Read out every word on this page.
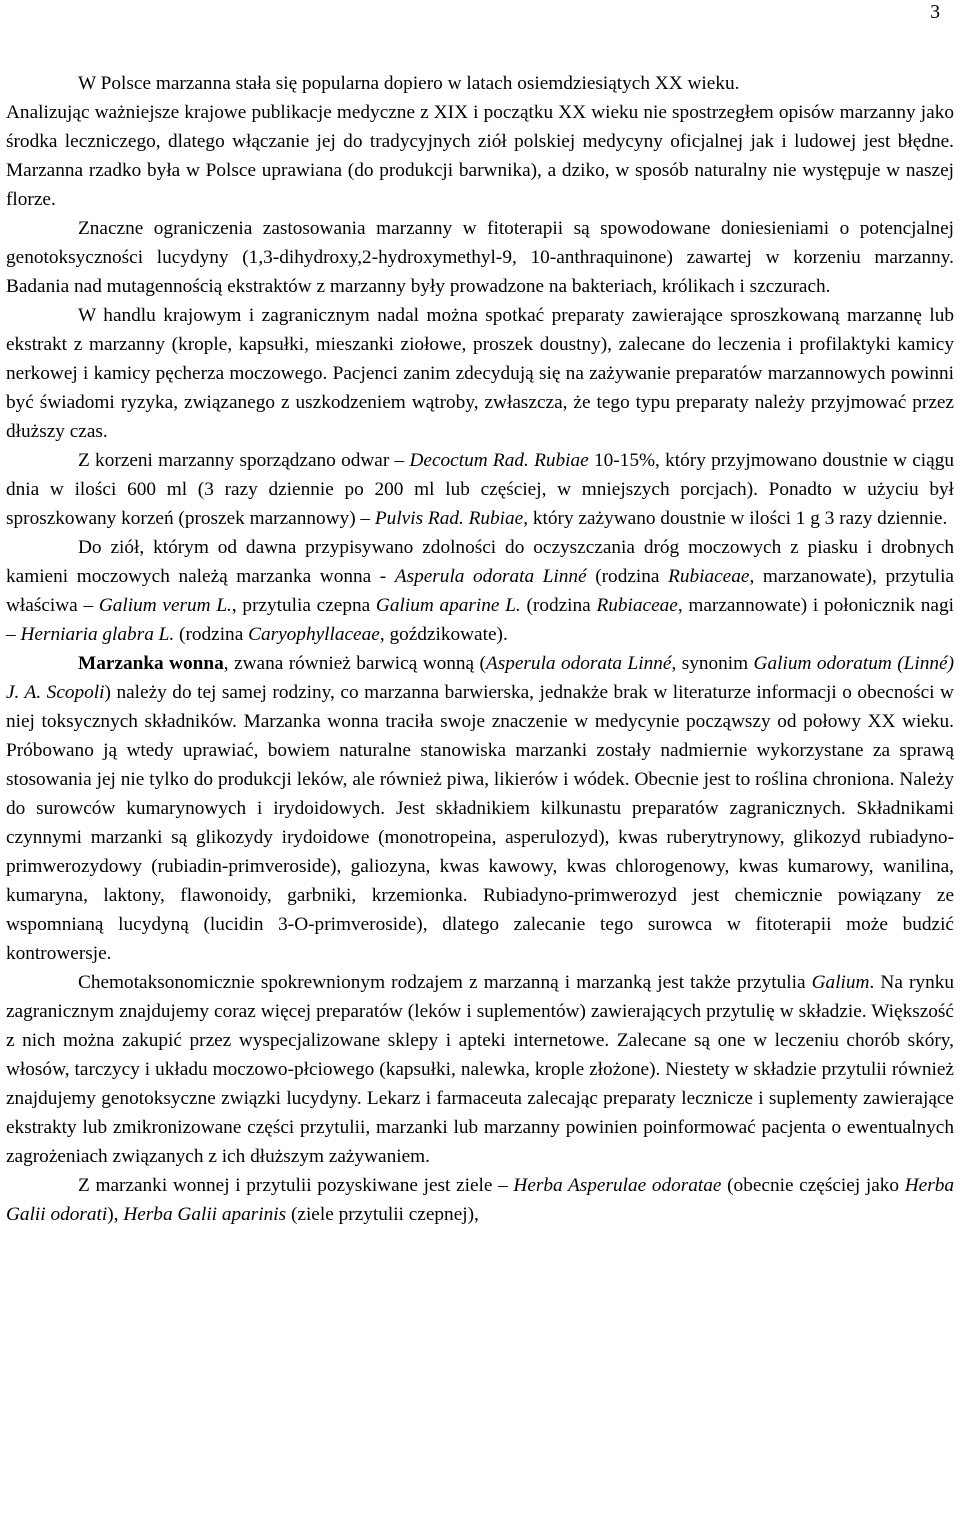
3

W Polsce marzanna stała się popularna dopiero w latach osiemdziesiątych XX wieku.

Analizując ważniejsze krajowe publikacje medyczne z XIX i początku XX wieku nie spostrzegłem opisów marzanny jako środka leczniczego, dlatego włączanie jej do tradycyjnych ziół polskiej medycyny oficjalnej jak i ludowej jest błędne. Marzanna rzadko była w Polsce uprawiana (do produkcji barwnika), a dziko, w sposób naturalny nie występuje w naszej florze.

Znaczne ograniczenia zastosowania marzanny w fitoterapii są spowodowane doniesieniami o potencjalnej genotoksyczności lucydyny (1,3-dihydroxy,2-hydroxymethyl-9, 10-anthraquinone) zawartej w korzeniu marzanny. Badania nad mutagennością ekstraktów z marzanny były prowadzone na bakteriach, królikach i szczurach.

W handlu krajowym i zagranicznym nadal można spotkać preparaty zawierające sproszkowaną marzannę lub ekstrakt z marzanny (krople, kapsułki, mieszanki ziołowe, proszek doustny), zalecane do leczenia i profilaktyki kamicy nerkowej i kamicy pęcherza moczowego. Pacjenci zanim zdecydują się na zażywanie preparatów marzannowych powinni być świadomi ryzyka, związanego z uszkodzeniem wątroby, zwłaszcza, że tego typu preparaty należy przyjmować przez dłuższy czas.

Z korzeni marzanny sporządzano odwar – Decoctum Rad. Rubiae 10-15%, który przyjmowano doustnie w ciągu dnia w ilości 600 ml (3 razy dziennie po 200 ml lub częściej, w mniejszych porcjach). Ponadto w użyciu był sproszkowany korzeń (proszek marzannowy) – Pulvis Rad. Rubiae, który zażywano doustnie w ilości 1 g 3 razy dziennie.

Do ziół, którym od dawna przypisywano zdolności do oczyszczania dróg moczowych z piasku i drobnych kamieni moczowych należą marzanka wonna - Asperula odorata Linné (rodzina Rubiaceae, marzanowate), przytulia właściwa – Galium verum L., przytulia czepna Galium aparine L. (rodzina Rubiaceae, marzannowate) i połonicznik nagi – Herniaria glabra L. (rodzina Caryophyllaceae, goździkowate).

Marzanka wonna, zwana również barwicą wonną (Asperula odorata Linné, synonim Galium odoratum (Linné) J. A. Scopoli) należy do tej samej rodziny, co marzanna barwierska, jednakże brak w literaturze informacji o obecności w niej toksycznych składników. Marzanka wonna traciła swoje znaczenie w medycynie począwszy od połowy XX wieku. Próbowano ją wtedy uprawiać, bowiem naturalne stanowiska marzanki zostały nadmiernie wykorzystane za sprawą stosowania jej nie tylko do produkcji leków, ale również piwa, likierów i wódek. Obecnie jest to roślina chroniona. Należy do surowców kumarynowych i irydoidowych. Jest składnikiem kilkunastu preparatów zagranicznych. Składnikami czynnymi marzanki są glikozydy irydoidowe (monotropeina, asperulozyd), kwas ruberytrynowy, glikozyd rubiadyno-primwerozydowy (rubiadin-primveroside), galiozyna, kwas kawowy, kwas chlorogenowy, kwas kumarowy, wanilina, kumaryna, laktony, flawonoidy, garbniki, krzemionka. Rubiadyno-primwerozyd jest chemicznie powiązany ze wspomnianą lucydyną (lucidin 3-O-primveroside), dlatego zalecanie tego surowca w fitoterapii może budzić kontrowersje.

Chemotaksonomicznie spokrewnionym rodzajem z marzanną i marzanką jest także przytulia Galium. Na rynku zagranicznym znajdujemy coraz więcej preparatów (leków i suplementów) zawierających przytulię w składzie. Większość z nich można zakupić przez wyspecjalizowane sklepy i apteki internetowe. Zalecane są one w leczeniu chorób skóry, włosów, tarczycy i układu moczowo-płciowego (kapsułki, nalewka, krople złożone). Niestety w składzie przytulii również znajdujemy genotoksyczne związki lucydyny. Lekarz i farmaceuta zalecając preparaty lecznicze i suplementy zawierające ekstrakty lub zmikronizowane części przytulii, marzanki lub marzanny powinien poinformować pacjenta o ewentualnych zagrożeniach związanych z ich dłuższym zażywaniem.

Z marzanki wonnej i przytulii pozyskiwane jest ziele – Herba Asperulae odoratae (obecnie częściej jako Herba Galii odorati), Herba Galii aparinis (ziele przytulii czepnej),
